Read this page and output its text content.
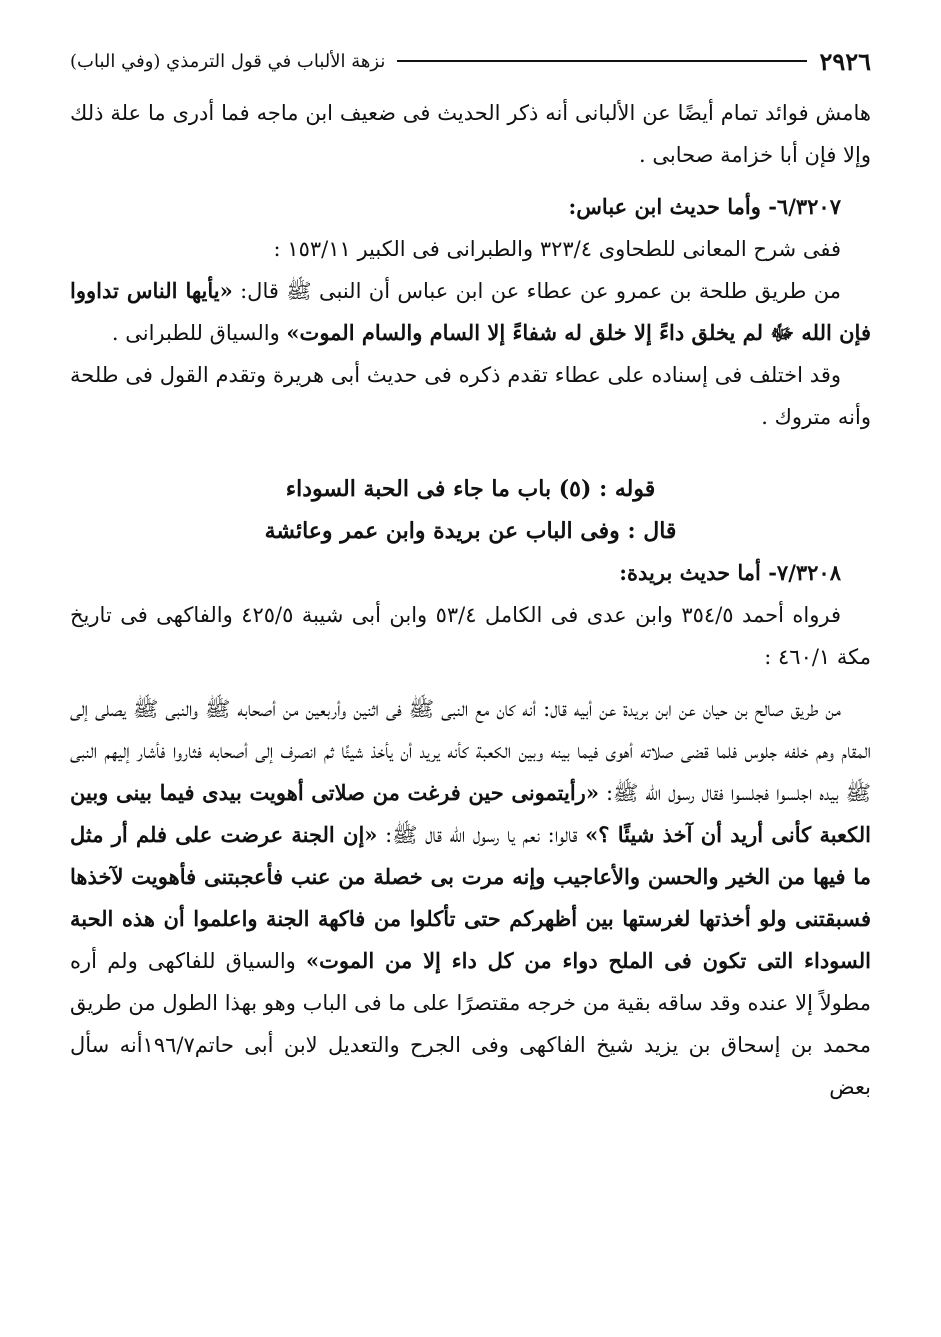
٢٩٢٦
نزهة الألباب في قول الترمذي (وفي الباب)

هامش فوائد تمام أيضًا عن الألبانى أنه ذكر الحديث فى ضعيف ابن ماجه فما أدرى ما علة ذلك وإلا فإن أبا خزامة صحابى .

٦/٣٢٠٧- وأما حديث ابن عباس:

ففى شرح المعانى للطحاوى ٣٢٣/٤ والطبرانى فى الكبير ١٥٣/١١ :

من طريق طلحة بن عمرو عن عطاء عن ابن عباس أن النبى ﷺ قال: «يأيها الناس تداووا فإن الله ﷻ لم يخلق داءً إلا خلق له شفاءً إلا السام والسام الموت» والسياق للطبرانى .

وقد اختلف فى إسناده على عطاء تقدم ذكره فى حديث أبى هريرة وتقدم القول فى طلحة وأنه متروك .

قوله : (٥) باب ما جاء فى الحبة السوداء

قال : وفى الباب عن بريدة وابن عمر وعائشة

٧/٣٢٠٨- أما حديث بريدة:

فرواه أحمد ٣٥٤/٥ وابن عدى فى الكامل ٥٣/٤ وابن أبى شيبة ٤٢٥/٥ والفاكهى فى تاريخ مكة ٤٦٠/١ :

من طريق صالح بن حيان عن ابن بريدة عن أبيه قال: أنه كان مع النبى ﷺ فى اثنين وأربعين من أصحابه ﷺ والنبى ﷺ يصلى إلى المقام وهم خلفه جلوس فلما قضى صلاته أهوى فيما بينه وبين الكعبة كأنه يريد أن يأخذ شيئًا ثم انصرف إلى أصحابه فثاروا فأشار إليهم النبى ﷺ بيده اجلسوا فجلسوا فقال رسول الله ﷺ: «رأيتمونى حين فرغت من صلاتى أهويت بيدى فيما بينى وبين الكعبة كأنى أريد أن آخذ شيئًا ؟» قالوا: نعم يا رسول الله قال ﷺ: «إن الجنة عرضت على فلم أر مثل ما فيها من الخير والحسن والأعاجيب وإنه مرت بى خصلة من عنب فأعجبتنى فأهويت لآخذها فسبقتنى ولو أخذتها لغرستها بين أظهركم حتى تأكلوا من فاكهة الجنة واعلموا أن هذه الحبة السوداء التى تكون فى الملح دواء من كل داء إلا من الموت» والسياق للفاكهى ولم أره مطولاً إلا عنده وقد ساقه بقية من خرجه مقتصرًا على ما فى الباب وهو بهذا الطول من طريق محمد بن إسحاق بن يزيد شيخ الفاكهى وفى الجرح والتعديل لابن أبى حاتم١٩٦/٧أنه سأل بعض
